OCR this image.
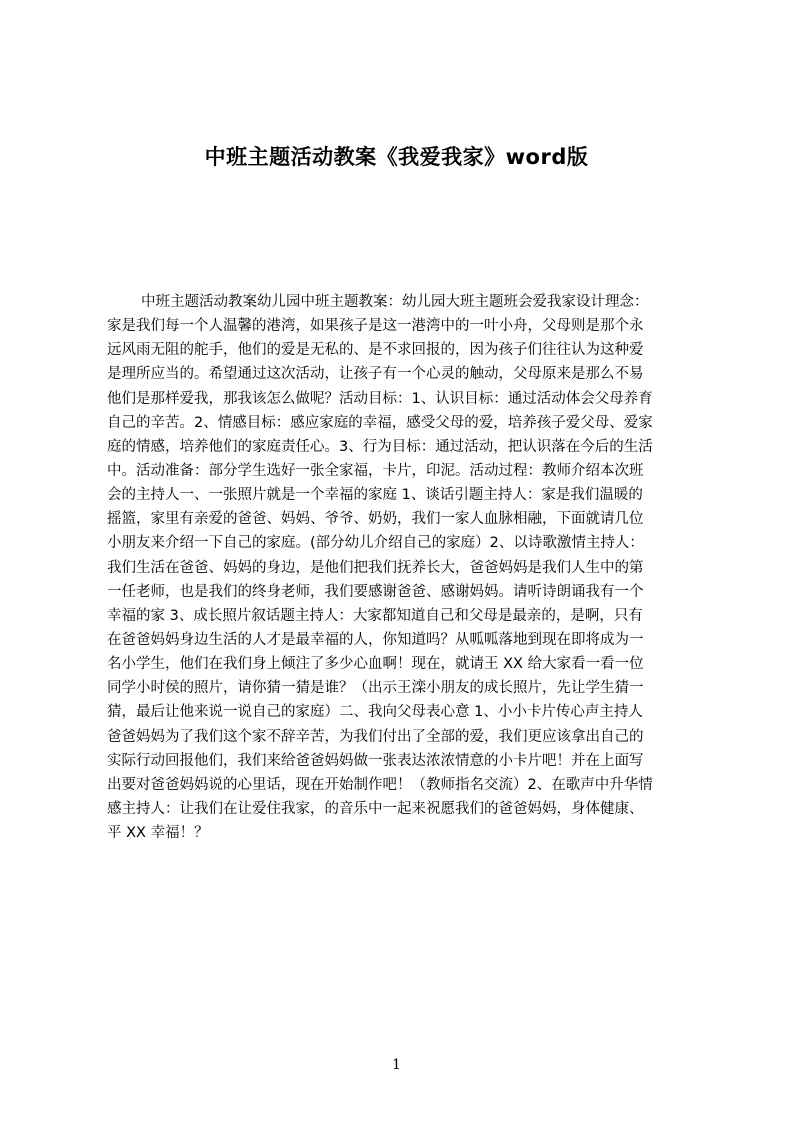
中班主题活动教案《我爱我家》word版
中班主题活动教案幼儿园中班主题教案：幼儿园大班主题班会爱我家设计理念：
家是我们每一个人温馨的港湾，如果孩子是这一港湾中的一叶小舟，父母则是那个永
远风雨无阻的舵手，他们的爱是无私的、是不求回报的，因为孩子们往往认为这种爱
是理所应当的。希望通过这次活动，让孩子有一个心灵的触动，父母原来是那么不易
他们是那样爱我，那我该怎么做呢？活动目标：1、认识目标：通过活动体会父母养育
自己的辛苦。2、情感目标：感应家庭的幸福，感受父母的爱，培养孩子爱父母、爱家
庭的情感，培养他们的家庭责任心。3、行为目标：通过活动，把认识落在今后的生活
中。活动准备：部分学生选好一张全家福，卡片，印泥。活动过程：教师介绍本次班
会的主持人一、一张照片就是一个幸福的家庭 1、谈话引题主持人：家是我们温暖的
摇篮，家里有亲爱的爸爸、妈妈、爷爷、奶奶，我们一家人血脉相融，下面就请几位
小朋友来介绍一下自己的家庭。(部分幼儿介绍自己的家庭）2、以诗歌激情主持人：
我们生活在爸爸、妈妈的身边，是他们把我们抚养长大，爸爸妈妈是我们人生中的第
一任老师，也是我们的终身老师，我们要感谢爸爸、感谢妈妈。请听诗朗诵我有一个
幸福的家 3、成长照片叙话题主持人：大家都知道自己和父母是最亲的，是啊，只有
在爸爸妈妈身边生活的人才是最幸福的人，你知道吗？从呱呱落地到现在即将成为一
名小学生，他们在我们身上倾注了多少心血啊！现在，就请王 XX 给大家看一看一位
同学小时侯的照片，请你猜一猜是谁？（出示王滦小朋友的成长照片，先让学生猜一
猜，最后让他来说一说自己的家庭）二、我向父母表心意 1、小小卡片传心声主持人
爸爸妈妈为了我们这个家不辞辛苦，为我们付出了全部的爱，我们更应该拿出自己的
实际行动回报他们，我们来给爸爸妈妈做一张表达浓浓情意的小卡片吧！并在上面写
出要对爸爸妈妈说的心里话，现在开始制作吧！（教师指名交流）2、在歌声中升华情
感主持人：让我们在让爱住我家，的音乐中一起来祝愿我们的爸爸妈妈，身体健康、
平 XX 幸福！？
1
